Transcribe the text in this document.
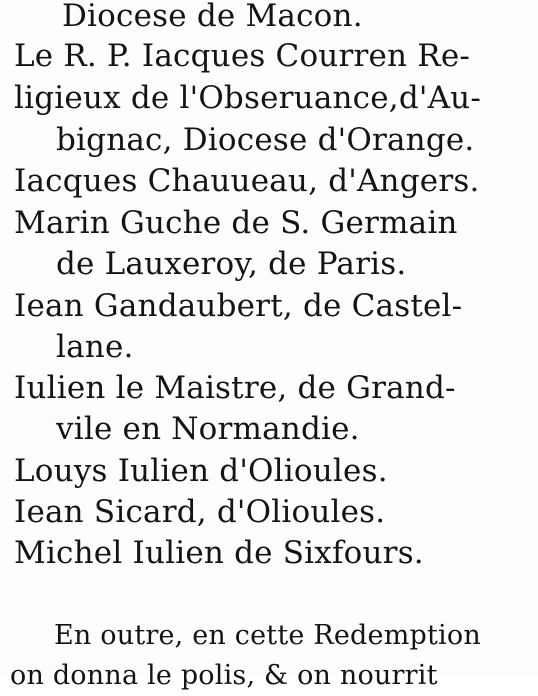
Diocese de Macon.
Le R. P. Iacques Courren Re-
ligieux de l'Obseruance,d'Au-
bignac, Diocese d'Orange.
Iacques Chauueau, d'Angers.
Marin Guche de S. Germain
de Lauxeroy, de Paris.
Iean Gandaubert, de Castel-
lane.
Iulien le Maistre, de Grand-
vile en Normandie.
Louys Iulien d'Olioules.
Iean Sicard, d'Olioules.
Michel Iulien de Sixfours.
En outre, en cette Redemption
on donna le polis, & on nourrit
